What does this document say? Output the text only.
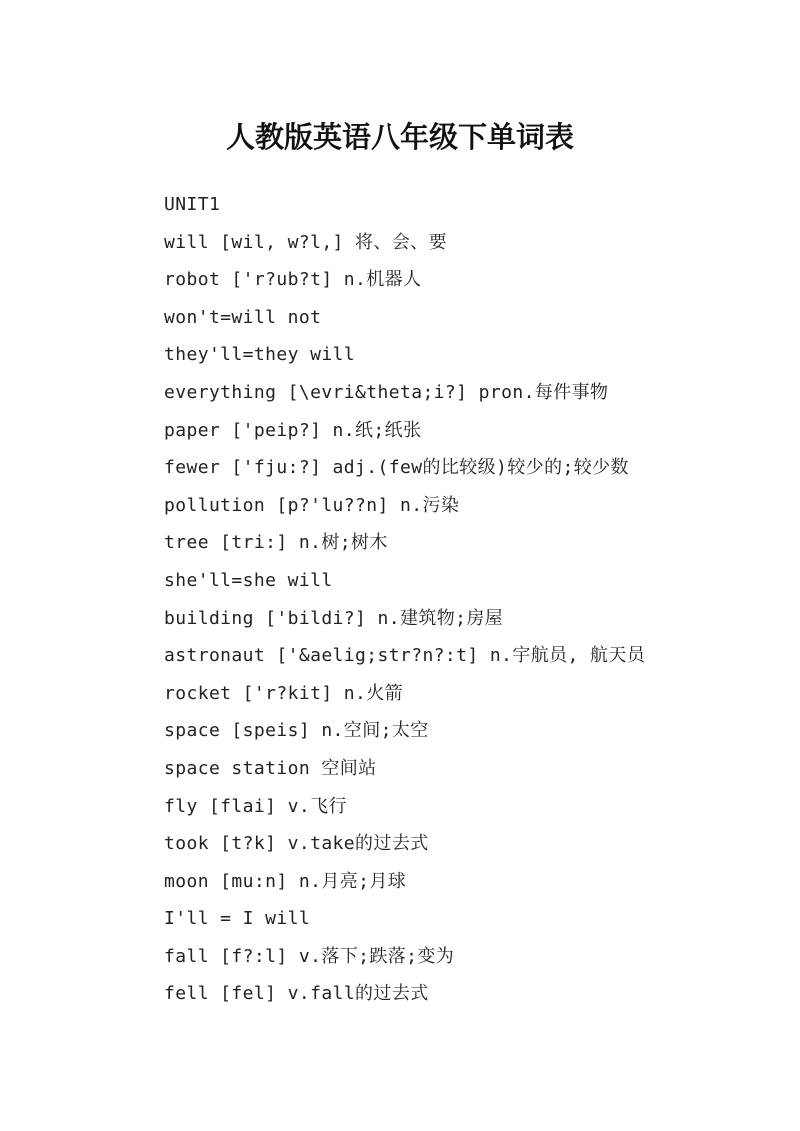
人教版英语八年级下单词表
UNIT1
will [wil, w?l,] 将、会、要
robot ['r?ub?t] n.机器人
won't=will not
they'll=they will
everything [\evri&theta;i?] pron.每件事物
paper ['peip?] n.纸;纸张
fewer ['fju:?] adj.(few的比较级)较少的;较少数
pollution [p?'lu??n] n.污染
tree [tri:] n.树;树木
she'll=she will
building ['bildi?] n.建筑物;房屋
astronaut ['&aelig;str?n?:t] n.宇航员, 航天员
rocket ['r?kit] n.火箭
space [speis] n.空间;太空
space station 空间站
fly [flai] v.飞行
took [t?k] v.take的过去式
moon [mu:n] n.月亮;月球
I'll = I will
fall [f?:l] v.落下;跌落;变为
fell [fel] v.fall的过去式
